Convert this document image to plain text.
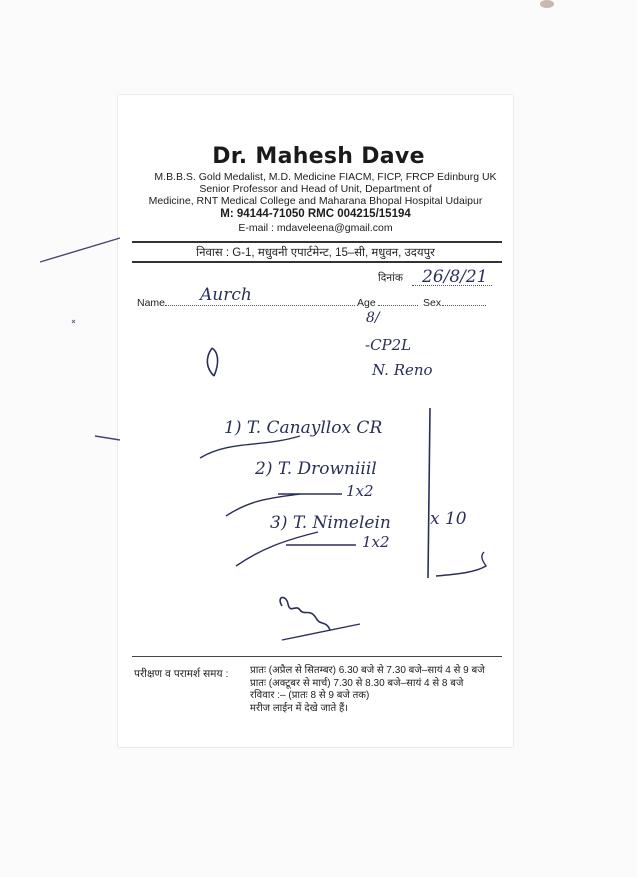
Dr. Mahesh Dave
M.B.B.S. Gold Medalist, M.D. Medicine FIACM, FICP, FRCP Edinburg UK
Senior Professor and Head of Unit, Department of
Medicine, RNT Medical College and Maharana Bhopal Hospital Udaipur
M: 94144-71050 RMC 004215/15194
E-mail : mdaveleena@gmail.com
निवास : G-1, मधुवनी एपार्टमेन्ट, 15–सी, मधुवन, उदयपुर
दिनांक
Name	Age	Sex
26/8/21
Aurch
8/
-CP2L
N. Reno
1) T. Canayllox CR
2) T. Drowniiil
1x2
3) T. Nimelein
1x2
x 10
परीक्षण व परामर्श समय : प्रातः (अप्रैल से सितम्बर) 6.30 बजे से 7.30 बजे–सायं 4 से 9 बजे
प्रातः (अक्टूबर से मार्च) 7.30 से 8.30 बजे–सायं 4 से 8 बजे
रविवार :– (प्रातः 8 से 9 बजे तक)
मरीज लाईन में देखे जाते हैं।
